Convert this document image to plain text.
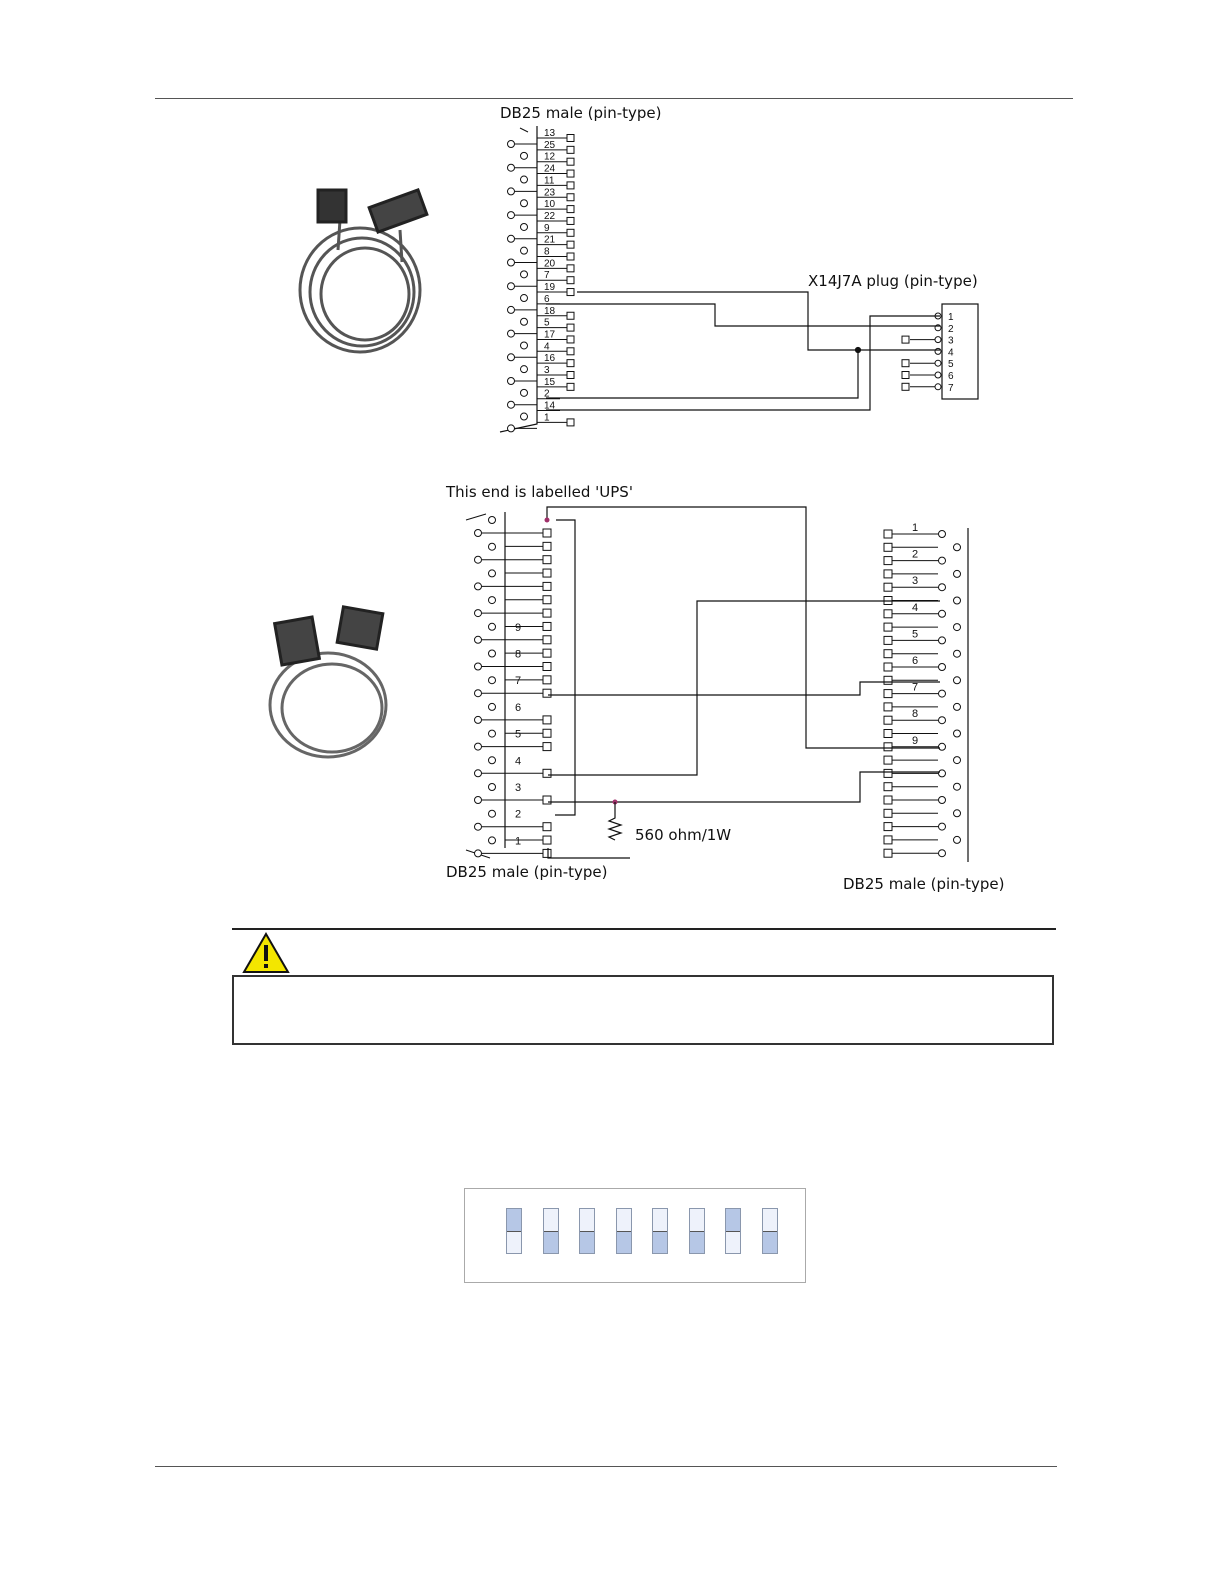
DB25 male (pin-type)
13
25
12
24
11
23
10
22
9
21
8
20
7
19
6
18
5
17
4
16
3
15
2
14
1
X14J7A plug (pin-type)
1
2
3
4
5
6
7
This end is labelled 'UPS'
9
8
7
6
5
4
3
2
1
DB25 male (pin-type)
1
2
3
4
5
6
7
8
9
DB25 male (pin-type)
560 ohm/1W
